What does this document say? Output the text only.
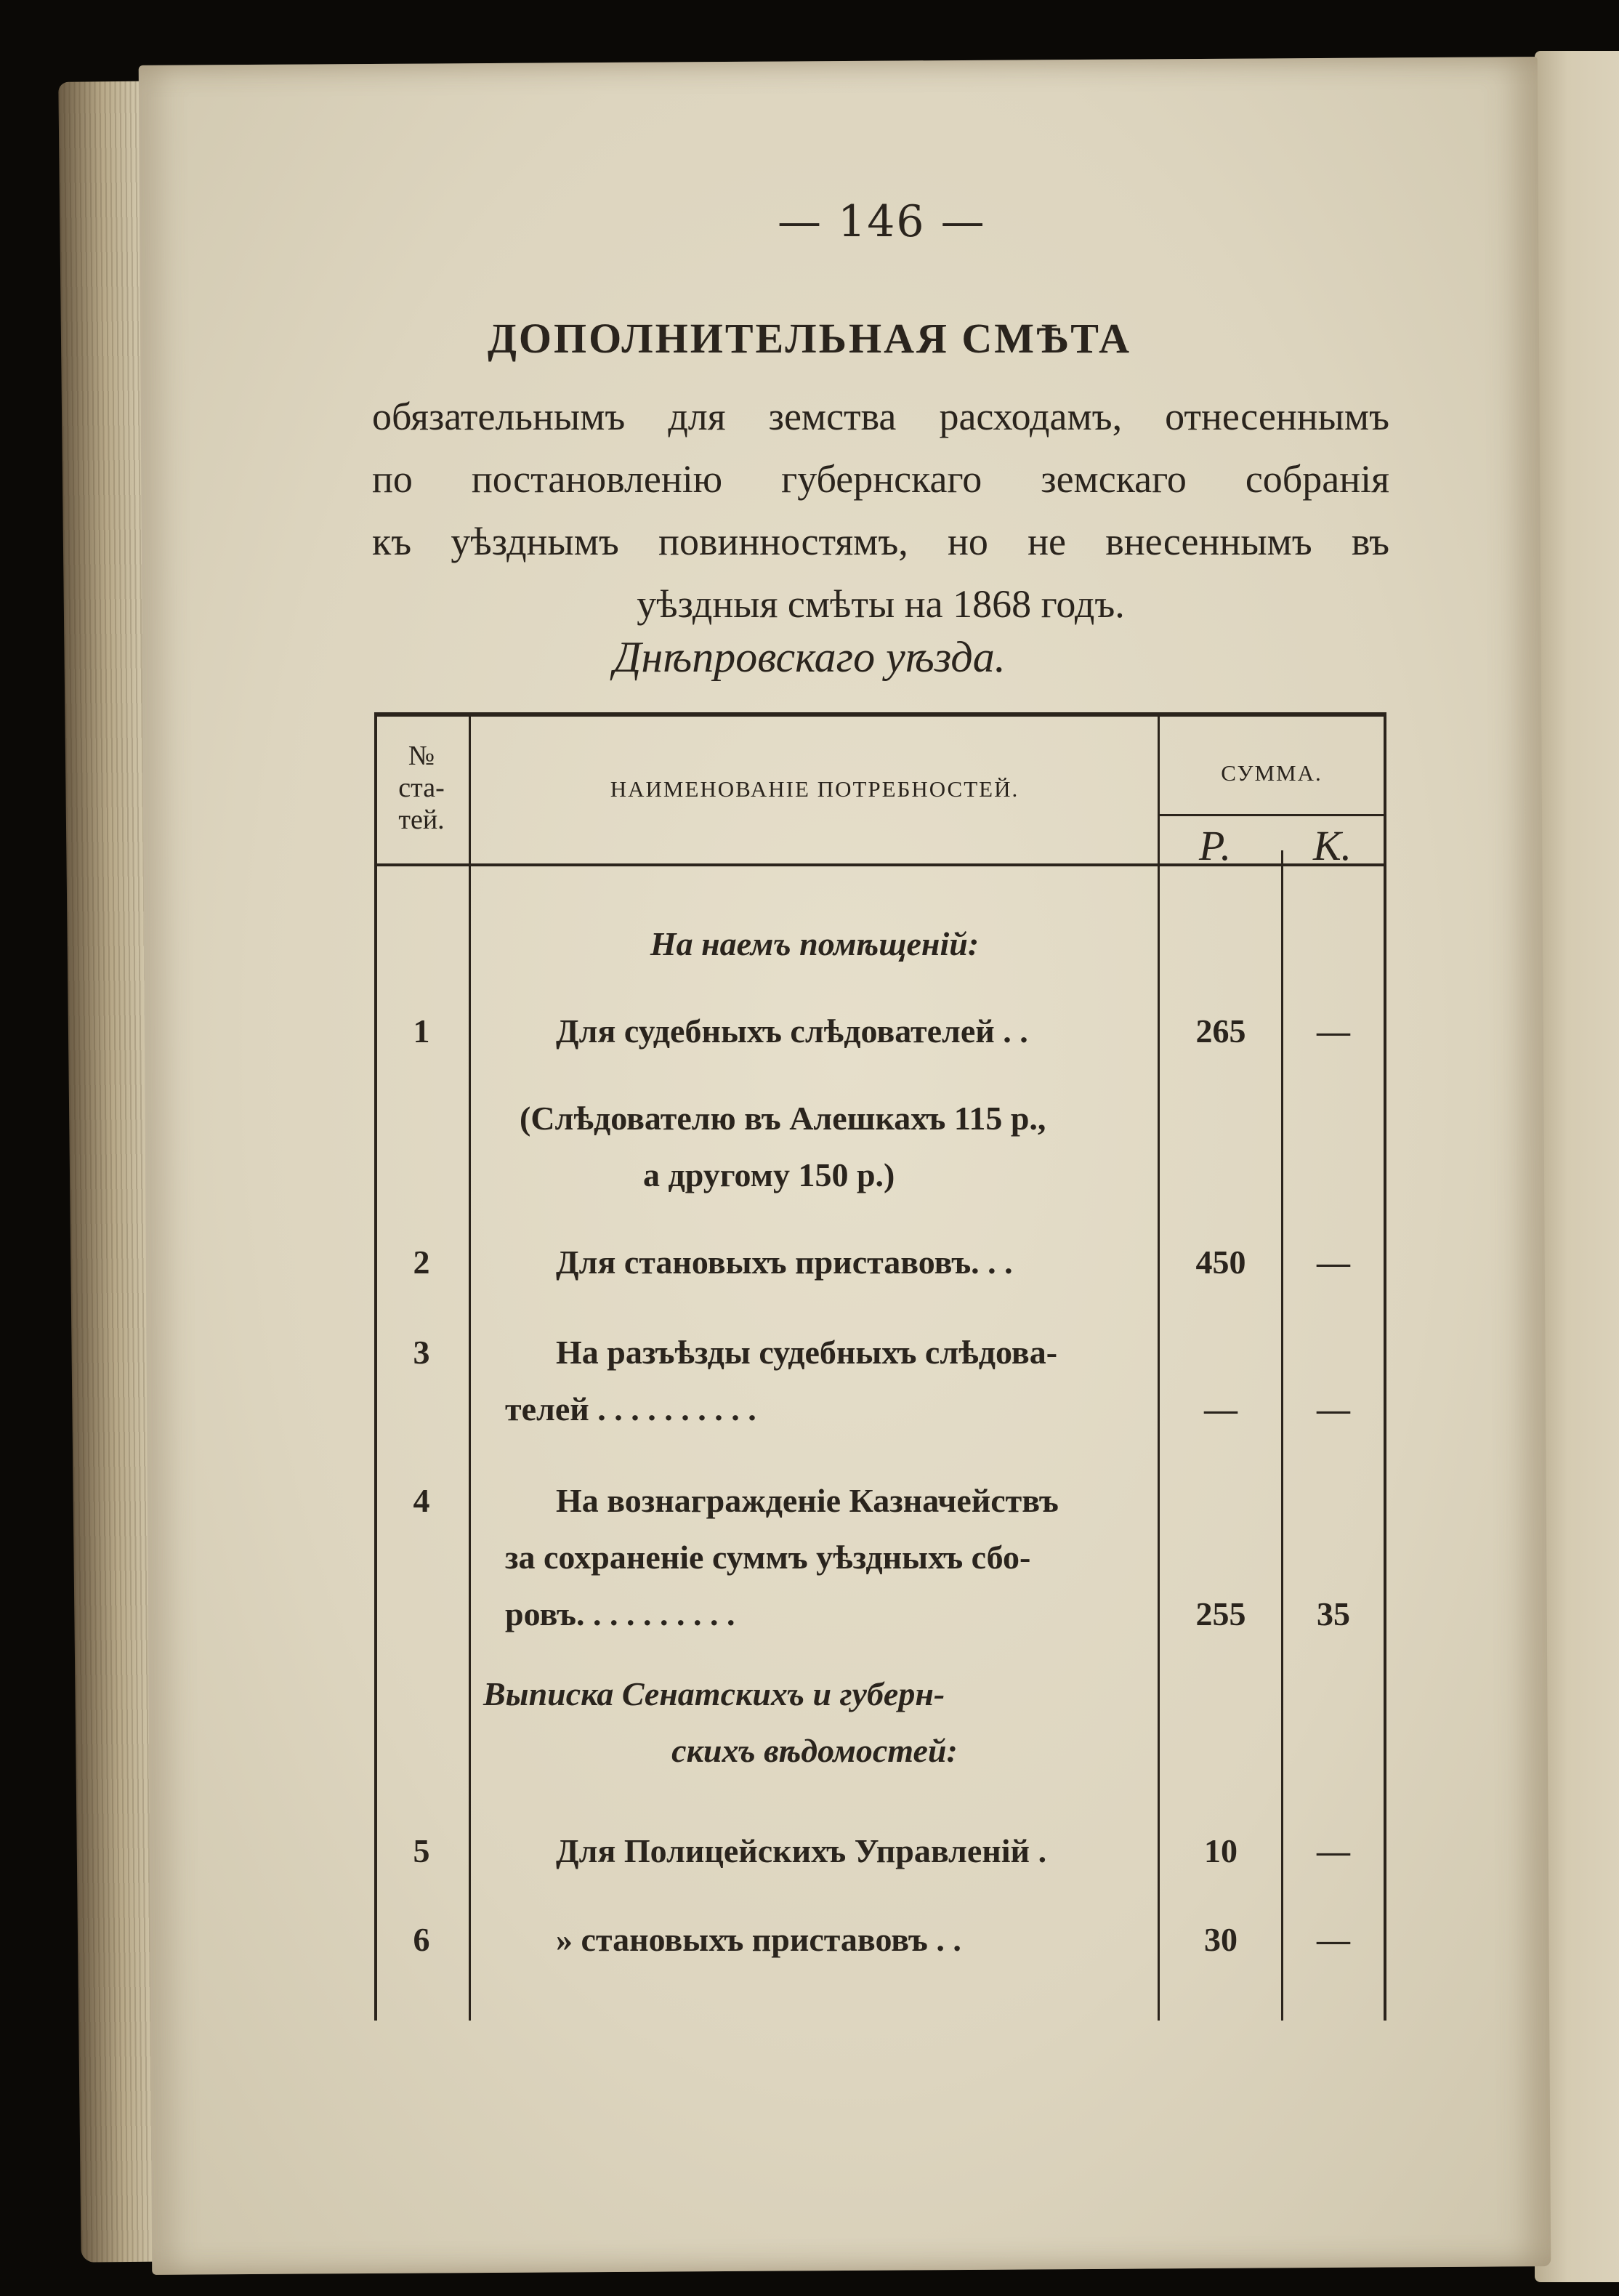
— 146 —
ДОПОЛНИТЕЛЬНАЯ СМѢТА
обязательнымъ для земства расходамъ, отнесеннымъ
по постановленію губернскаго земскаго собранія
къ уѣзднымъ повинностямъ, но не внесеннымъ въ
уѣздныя смѣты на 1868 годъ.
Днѣпровскаго уѣзда.
№
ста-
тей.
НАИМЕНОВАНІЕ ПОТРЕБНОСТЕЙ.
СУММА.
Р. К.
На наемъ помѣщеній:
1	Для судебныхъ слѣдователей . .	265	—
(Слѣдователю въ Алешкахъ 115 р.,
а другому 150 р.)
2	Для становыхъ приставовъ. . .	450	—
3	На разъѣзды судебныхъ слѣдова-
телей . . . . . . . . . .	—	—
4	На вознагражденіе Казначействъ
за сохраненіе суммъ уѣздныхъ сбо-
ровъ. . . . . . . . . .	255	35
Выписка Сенатскихъ и губерн-
скихъ вѣдомостей:
5	Для Полицейскихъ Управленій .	10	—
6	» становыхъ приставовъ . .	30	—
